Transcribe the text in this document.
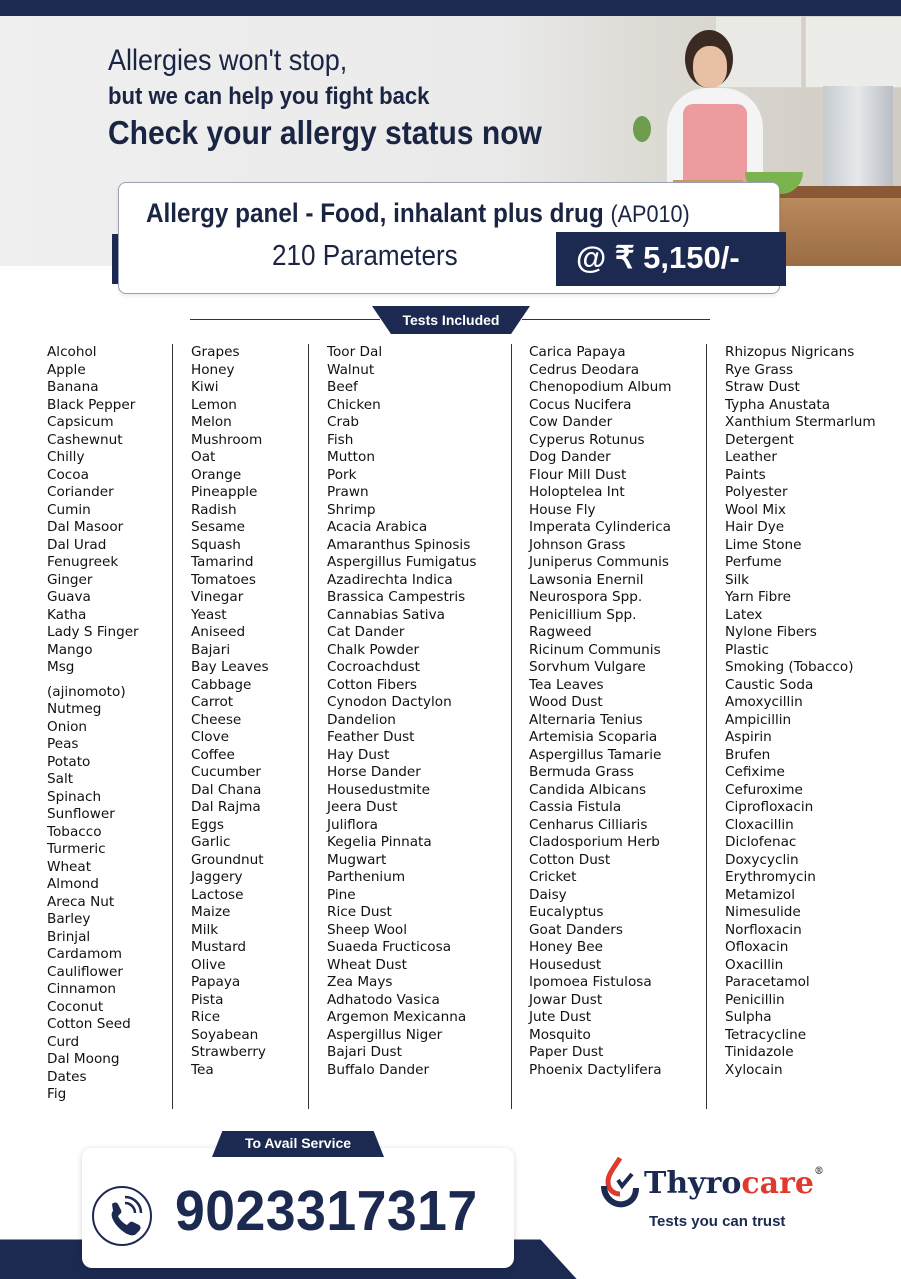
Allergies won't stop,
but we can help you fight back
Check your allergy status now
Allergy panel - Food, inhalant plus drug (AP010)
210 Parameters	@ ₹ 5,150/-
Tests Included
Alcohol
Apple
Banana
Black Pepper
Capsicum
Cashewnut
Chilly
Cocoa
Coriander
Cumin
Dal Masoor
Dal Urad
Fenugreek
Ginger
Guava
Katha
Lady S Finger
Mango
Msg
(ajinomoto)
Nutmeg
Onion
Peas
Potato
Salt
Spinach
Sunflower
Tobacco
Turmeric
Wheat
Almond
Areca Nut
Barley
Brinjal
Cardamom
Cauliflower
Cinnamon
Coconut
Cotton Seed
Curd
Dal Moong
Dates
Fig
Grapes
Honey
Kiwi
Lemon
Melon
Mushroom
Oat
Orange
Pineapple
Radish
Sesame
Squash
Tamarind
Tomatoes
Vinegar
Yeast
Aniseed
Bajari
Bay Leaves
Cabbage
Carrot
Cheese
Clove
Coffee
Cucumber
Dal Chana
Dal Rajma
Eggs
Garlic
Groundnut
Jaggery
Lactose
Maize
Milk
Mustard
Olive
Papaya
Pista
Rice
Soyabean
Strawberry
Tea
Toor Dal
Walnut
Beef
Chicken
Crab
Fish
Mutton
Pork
Prawn
Shrimp
Acacia Arabica
Amaranthus Spinosis
Aspergillus Fumigatus
Azadirechta Indica
Brassica Campestris
Cannabias Sativa
Cat Dander
Chalk Powder
Cocroachdust
Cotton Fibers
Cynodon Dactylon
Dandelion
Feather Dust
Hay Dust
Horse Dander
Housedustmite
Jeera Dust
Juliflora
Kegelia Pinnata
Mugwart
Parthenium
Pine
Rice Dust
Sheep Wool
Suaeda Fructicosa
Wheat Dust
Zea Mays
Adhatodo Vasica
Argemon Mexicanna
Aspergillus Niger
Bajari Dust
Buffalo Dander
Carica Papaya
Cedrus Deodara
Chenopodium Album
Cocus Nucifera
Cow Dander
Cyperus Rotunus
Dog Dander
Flour Mill Dust
Holoptelea Int
House Fly
Imperata Cylinderica
Johnson Grass
Juniperus Communis
Lawsonia Enernil
Neurospora Spp.
Penicillium Spp.
Ragweed
Ricinum Communis
Sorvhum Vulgare
Tea Leaves
Wood Dust
Alternaria Tenius
Artemisia Scoparia
Aspergillus Tamarie
Bermuda Grass
Candida Albicans
Cassia Fistula
Cenharus Cilliaris
Cladosporium Herb
Cotton Dust
Cricket
Daisy
Eucalyptus
Goat Danders
Honey Bee
Housedust
Ipomoea Fistulosa
Jowar Dust
Jute Dust
Mosquito
Paper Dust
Phoenix Dactylifera
Rhizopus Nigricans
Rye Grass
Straw Dust
Typha Anustata
Xanthium Stermarlum
Detergent
Leather
Paints
Polyester
Wool Mix
Hair Dye
Lime Stone
Perfume
Silk
Yarn Fibre
Latex
Nylone Fibers
Plastic
Smoking (Tobacco)
Caustic Soda
Amoxycillin
Ampicillin
Aspirin
Brufen
Cefixime
Cefuroxime
Ciprofloxacin
Cloxacillin
Diclofenac
Doxycyclin
Erythromycin
Metamizol
Nimesulide
Norfloxacin
Ofloxacin
Oxacillin
Paracetamol
Penicillin
Sulpha
Tetracycline
Tinidazole
Xylocain
To Avail Service
9023317317	Thyrocare®
Tests you can trust
